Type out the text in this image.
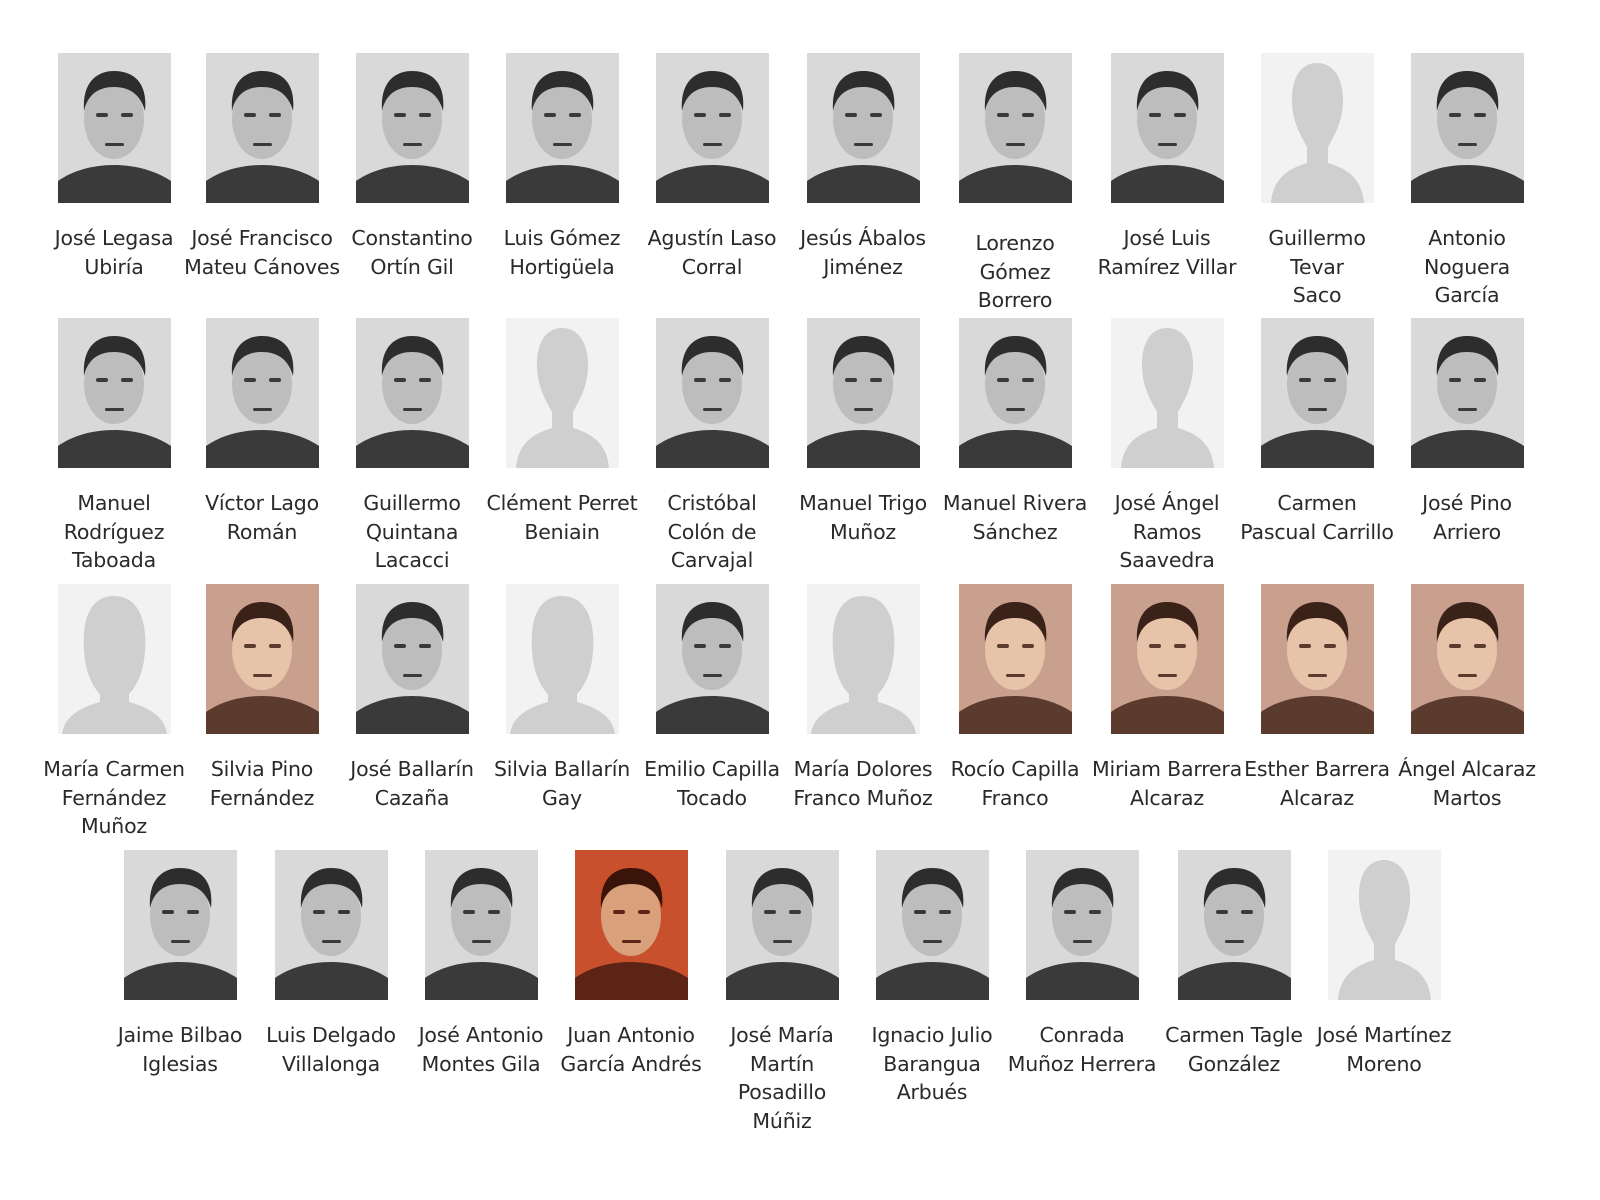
José Legasa
Ubiría
José Francisco
Mateu Cánoves
Constantino
Ortín Gil
Luis Gómez
Hortigüela
Agustín Laso
Corral
Jesús Ábalos
Jiménez
Lorenzo
Gómez
Borrero
José Luis
Ramírez Villar
Guillermo Tevar
Saco
Antonio
Noguera
García
Manuel
Rodríguez
Taboada
Víctor Lago
Román
Guillermo
Quintana
Lacacci
Clément Perret
Beniain
Cristóbal
Colón de
Carvajal
Manuel Trigo
Muñoz
Manuel Rivera
Sánchez
José Ángel
Ramos
Saavedra
Carmen
Pascual Carrillo
José Pino
Arriero
María Carmen
Fernández
Muñoz
Silvia Pino
Fernández
José Ballarín
Cazaña
Silvia Ballarín
Gay
Emilio Capilla
Tocado
María Dolores
Franco Muñoz
Rocío Capilla
Franco
Miriam Barrera
Alcaraz
Esther Barrera
Alcaraz
Ángel Alcaraz
Martos
Jaime Bilbao
Iglesias
Luis Delgado
Villalonga
José Antonio
Montes Gila
Juan Antonio
García Andrés
José María
Martín
Posadillo
Múñiz
Ignacio Julio
Barangua
Arbués
Conrada
Muñoz Herrera
Carmen Tagle
González
José Martínez
Moreno
